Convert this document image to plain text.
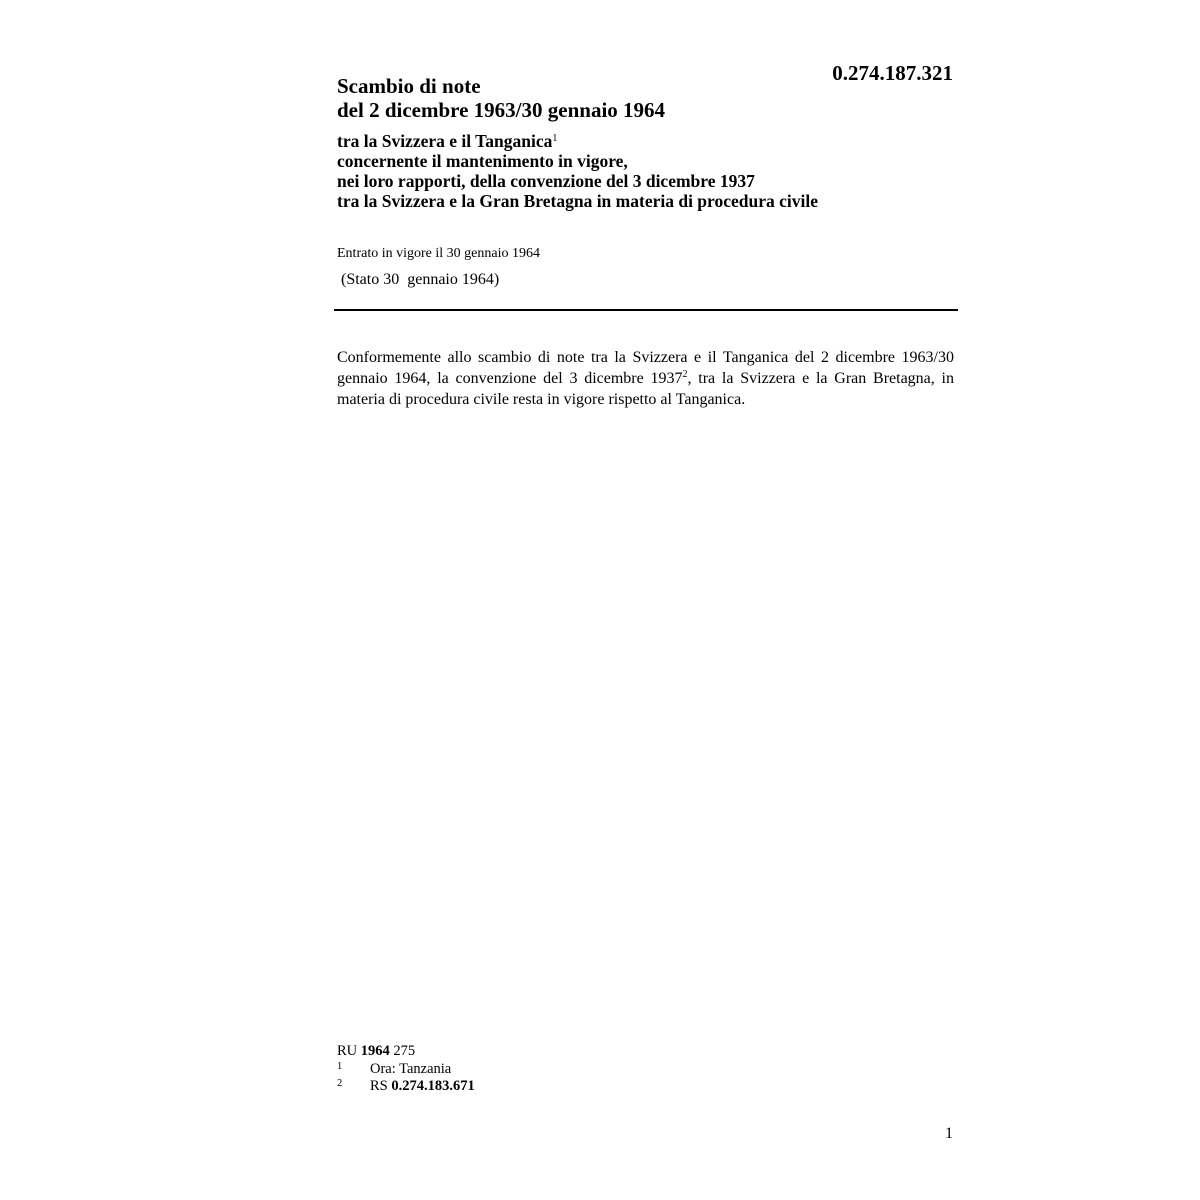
0.274.187.321
Scambio di note
del 2 dicembre 1963/30 gennaio 1964
tra la Svizzera e il Tanganica$^1$
concernente il mantenimento in vigore,
nei loro rapporti, della convenzione del 3 dicembre 1937
tra la Svizzera e la Gran Bretagna in materia di procedura civile
Entrato in vigore il 30 gennaio 1964
(Stato 30  gennaio 1964)

Conformemente allo scambio di note tra la Svizzera e il Tanganica del 2 dicembre 1963/30 gennaio 1964, la convenzione del 3 dicembre 1937$^2$, tra la Svizzera e la Gran Bretagna, in materia di procedura civile resta in vigore rispetto al Tanganica.

RU 1964 275
1 Ora: Tanzania
2 RS 0.274.183.671
1
